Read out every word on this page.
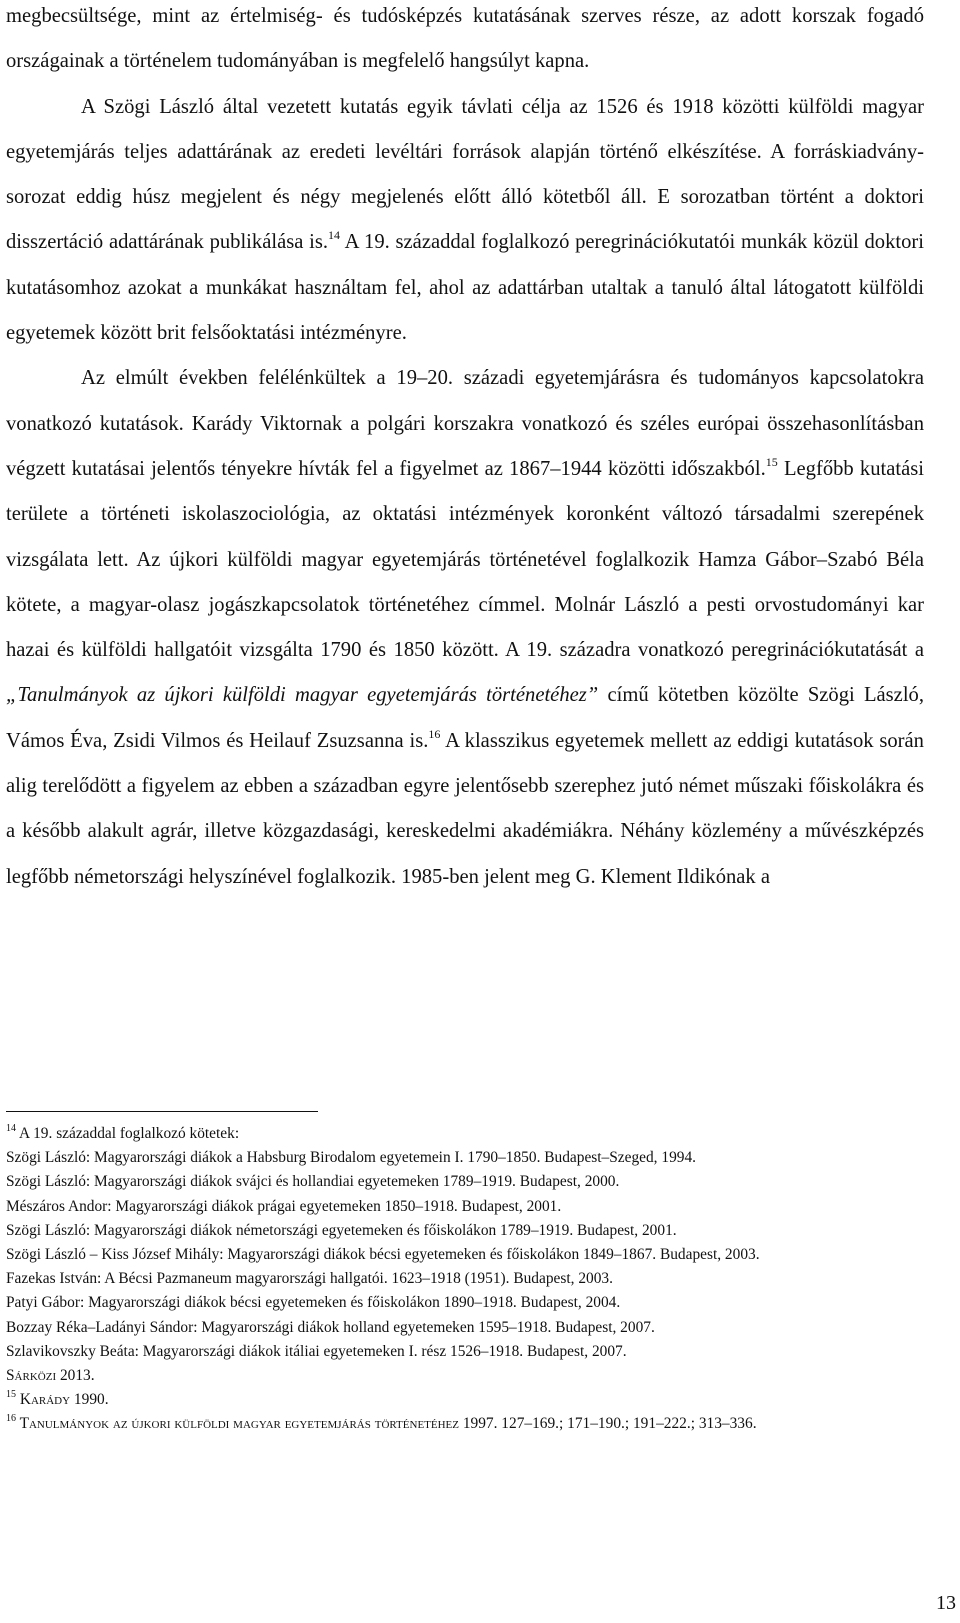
megbecsültsége, mint az értelmiség- és tudósképzés kutatásának szerves része, az adott korszak fogadó országainak a történelem tudományában is megfelelő hangsúlyt kapna.

A Szögi László által vezetett kutatás egyik távlati célja az 1526 és 1918 közötti külföldi magyar egyetemjárás teljes adattárának az eredeti levéltári források alapján történő elkészítése. A forráskiadvány-sorozat eddig húsz megjelent és négy megjelenés előtt álló kötetből áll. E sorozatban történt a doktori disszertáció adattárának publikálása is.$^{14}$ A 19. századdal foglalkozó peregrinációkutatói munkák közül doktori kutatásomhoz azokat a munkákat használtam fel, ahol az adattárban utaltak a tanuló által látogatott külföldi egyetemek között brit felsőoktatási intézményre.

Az elmúlt években felélénkültek a 19–20. századi egyetemjárásra és tudományos kapcsolatokra vonatkozó kutatások. Karády Viktornak a polgári korszakra vonatkozó és széles európai összehasonlításban végzett kutatásai jelentős tényekre hívták fel a figyelmet az 1867–1944 közötti időszakból.$^{15}$ Legfőbb kutatási területe a történeti iskolaszociológia, az oktatási intézmények koronként változó társadalmi szerepének vizsgálata lett. Az újkori külföldi magyar egyetemjárás történetével foglalkozik Hamza Gábor–Szabó Béla kötete, a magyar-olasz jogászkapcsolatok történetéhez címmel. Molnár László a pesti orvostudományi kar hazai és külföldi hallgatóit vizsgálta 1790 és 1850 között. A 19. századra vonatkozó peregrinációkutatását a „Tanulmányok az újkori külföldi magyar egyetemjárás történetéhez” című kötetben közölte Szögi László, Vámos Éva, Zsidi Vilmos és Heilauf Zsuzsanna is.$^{16}$ A klasszikus egyetemek mellett az eddigi kutatások során alig terelődött a figyelem az ebben a században egyre jelentősebb szerephez jutó német műszaki főiskolákra és a később alakult agrár, illetve közgazdasági, kereskedelmi akadémiákra. Néhány közlemény a művészképzés legfőbb németországi helyszínével foglalkozik. 1985-ben jelent meg G. Klement Ildikónak a

$^{14}$ A 19. századdal foglalkozó kötetek:

Szögi László: Magyarországi diákok a Habsburg Birodalom egyetemein I. 1790–1850. Budapest–Szeged, 1994.

Szögi László: Magyarországi diákok svájci és hollandiai egyetemeken 1789–1919. Budapest, 2000.

Mészáros Andor: Magyarországi diákok prágai egyetemeken 1850–1918. Budapest, 2001.

Szögi László: Magyarországi diákok németországi egyetemeken és főiskolákon 1789–1919. Budapest, 2001.

Szögi László – Kiss József Mihály: Magyarországi diákok bécsi egyetemeken és főiskolákon 1849–1867. Budapest, 2003.

Fazekas István: A Bécsi Pazmaneum magyarországi hallgatói. 1623–1918 (1951). Budapest, 2003.

Patyi Gábor: Magyarországi diákok bécsi egyetemeken és főiskolákon 1890–1918. Budapest, 2004.

Bozzay Réka–Ladányi Sándor: Magyarországi diákok holland egyetemeken 1595–1918. Budapest, 2007.

Szlavikovszky Beáta: Magyarországi diákok itáliai egyetemeken I. rész 1526–1918. Budapest, 2007.

Sárközi 2013.

$^{15}$ Karády 1990.

$^{16}$ Tanulmányok az újkori külföldi magyar egyetemjárás történetéhez 1997. 127–169.; 171–190.; 191–222.; 313–336.

13
